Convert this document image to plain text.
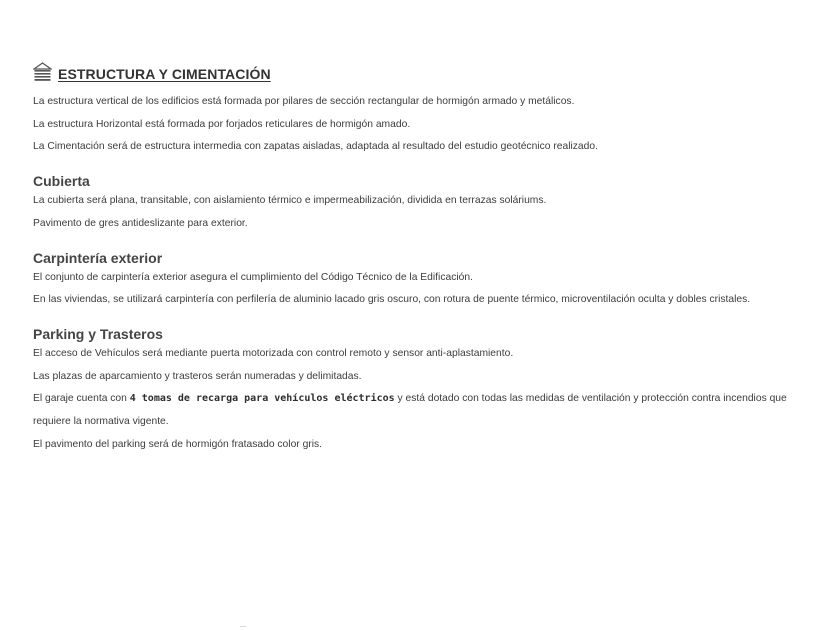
ESTRUCTURA Y CIMENTACIÓN
La estructura vertical de los edificios está formada por pilares de sección rectangular de hormigón armado y metálicos.
La estructura Horizontal está formada por forjados reticulares de hormigón amado.
La Cimentación será de estructura intermedia con zapatas aisladas, adaptada al resultado del estudio geotécnico realizado.
Cubierta
La cubierta será plana, transitable, con aislamiento térmico e impermeabilización, dividida en terrazas soláriums.
Pavimento de gres antideslizante para exterior.
Carpintería exterior
El conjunto de carpintería exterior asegura el cumplimiento del Código Técnico de la Edificación.
En las viviendas, se utilizará carpintería con perfilería de aluminio lacado gris oscuro, con rotura de puente térmico, microventilación oculta y dobles cristales.
Parking y Trasteros
El acceso de Vehículos será mediante puerta motorizada con control remoto y sensor anti-aplastamiento.
Las plazas de aparcamiento y trasteros serán numeradas y delimitadas.
El garaje cuenta con 4 tomas de recarga para vehículos eléctricos y está dotado con todas las medidas de ventilación y protección contra incendios que requiere la normativa vigente.
El pavimento del parking será de hormigón fratasado color gris.
